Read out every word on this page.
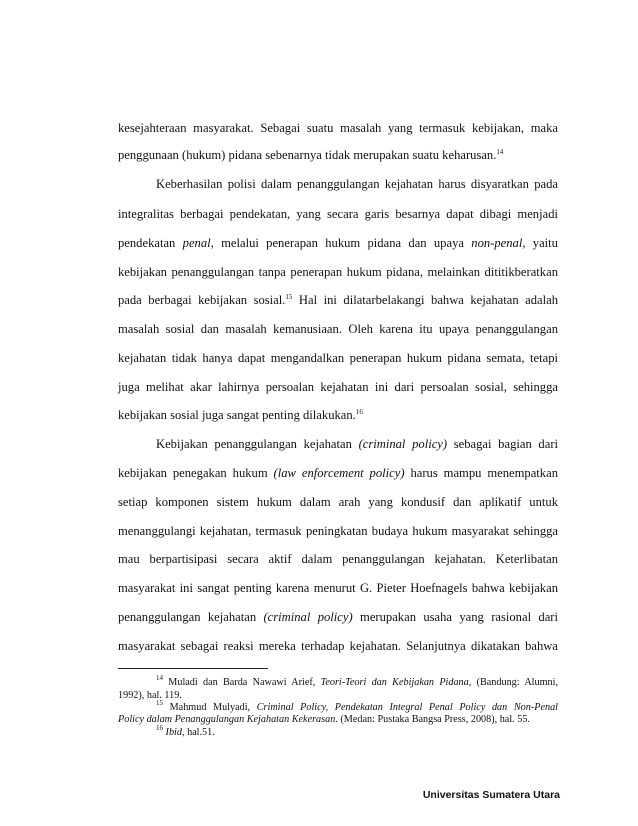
kesejahteraan masyarakat. Sebagai suatu masalah yang termasuk kebijakan, maka
penggunaan (hukum) pidana sebenarnya tidak merupakan suatu keharusan.$^{14}$
Keberhasilan polisi dalam penanggulangan kejahatan harus disyaratkan pada
integralitas berbagai pendekatan, yang secara garis besarnya dapat dibagi menjadi
pendekatan penal, melalui penerapan hukum pidana dan upaya non-penal, yaitu
kebijakan penanggulangan tanpa penerapan hukum pidana, melainkan dititikberatkan
pada berbagai kebijakan sosial.$^{15}$ Hal ini dilatarbelakangi bahwa kejahatan adalah
masalah sosial dan masalah kemanusiaan. Oleh karena itu upaya penanggulangan
kejahatan tidak hanya dapat mengandalkan penerapan hukum pidana semata, tetapi
juga melihat akar lahirnya persoalan kejahatan ini dari persoalan sosial, sehingga
kebijakan sosial juga sangat penting dilakukan.$^{16}$
Kebijakan penanggulangan kejahatan (criminal policy) sebagai bagian dari
kebijakan penegakan hukum (law enforcement policy) harus mampu menempatkan
setiap komponen sistem hukum dalam arah yang kondusif dan aplikatif untuk
menanggulangi kejahatan, termasuk peningkatan budaya hukum masyarakat sehingga
mau berpartisipasi secara aktif dalam penanggulangan kejahatan. Keterlibatan
masyarakat ini sangat penting karena menurut G. Pieter Hoefnagels bahwa kebijakan
penanggulangan kejahatan (criminal policy) merupakan usaha yang rasional dari
masyarakat sebagai reaksi mereka terhadap kejahatan. Selanjutnya dikatakan bahwa
$^{14}$ Muladi dan Barda Nawawi Arief, Teori-Teori dan Kebijakan Pidana, (Bandung: Alumni,
1992), hal. 119.
$^{15}$ Mahmud Mulyadi, Criminal Policy, Pendekatan Integral Penal Policy dan Non-Penal
Policy dalam Penanggulangan Kejahatan Kekerasan. (Medan: Pustaka Bangsa Press, 2008), hal. 55.
$^{16}$ Ibid, hal.51.
Universitas Sumatera Utara
